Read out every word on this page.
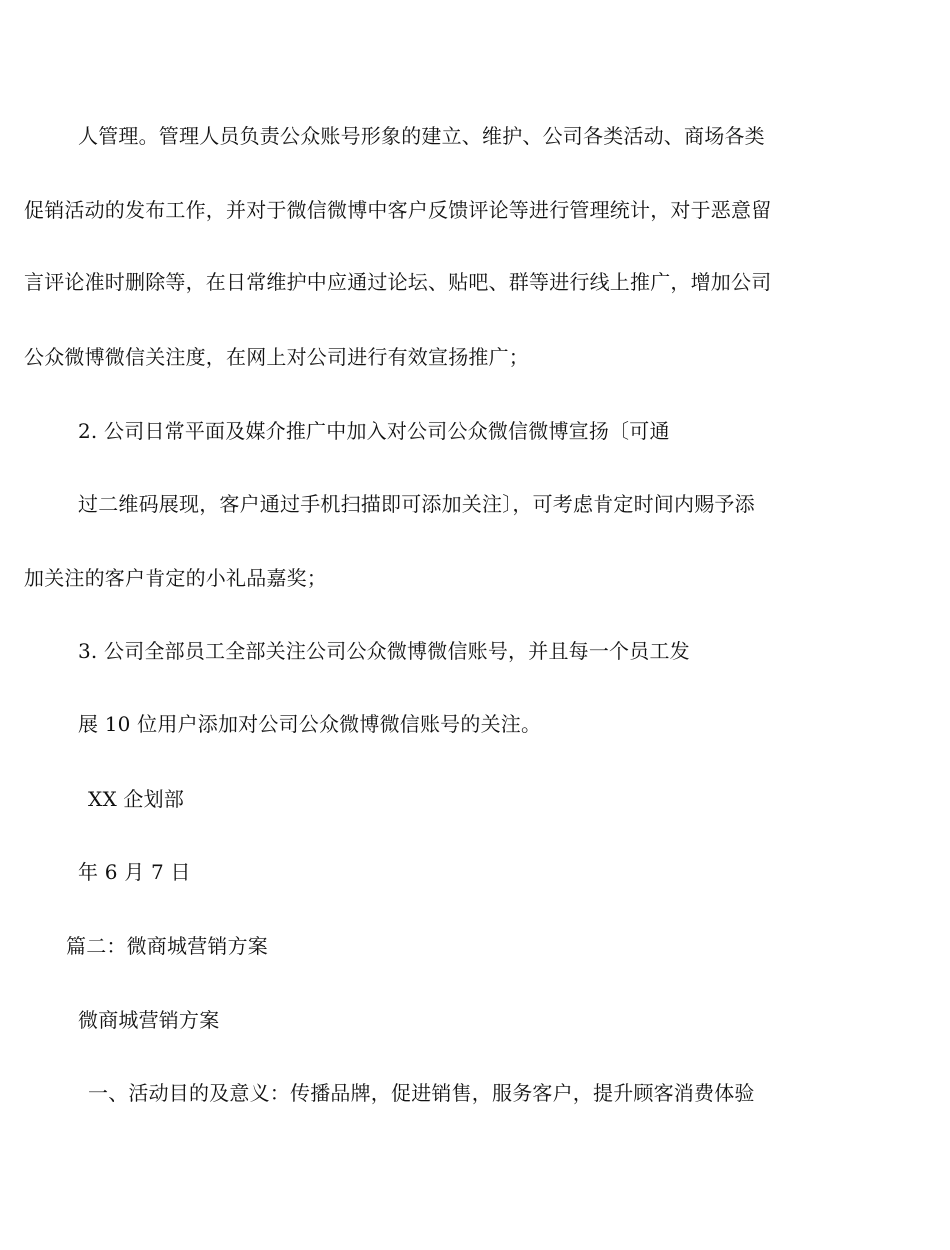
人管理。管理人员负责公众账号形象的建立、维护、公司各类活动、商场各类
促销活动的发布工作，并对于微信微博中客户反馈评论等进行管理统计，对于恶意留
言评论准时删除等，在日常维护中应通过论坛、贴吧、群等进行线上推广，增加公司
公众微博微信关注度，在网上对公司进行有效宣扬推广；
2. 公司日常平面及媒介推广中加入对公司公众微信微博宣扬〔可通
过二维码展现，客户通过手机扫描即可添加关注〕，可考虑肯定时间内赐予添
加关注的客户肯定的小礼品嘉奖；
3. 公司全部员工全部关注公司公众微博微信账号，并且每一个员工发
展 10 位用户添加对公司公众微博微信账号的关注。
XX 企划部
年 6 月 7 日
篇二：微商城营销方案
微商城营销方案
一、活动目的及意义：传播品牌，促进销售，服务客户，提升顾客消费体验
